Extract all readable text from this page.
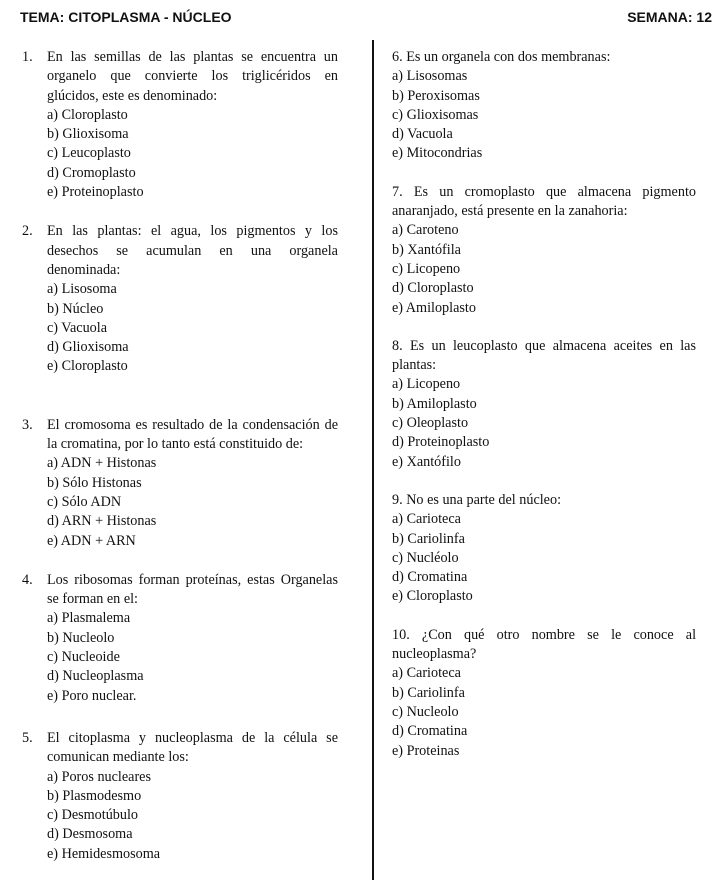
TEMA: CITOPLASMA - NÚCLEO	SEMANA: 12
1.	En las semillas de las plantas se encuentra un organelo que convierte los triglicéridos en glúcidos, este es denominado:
a) Cloroplasto
b) Glioxisoma
c) Leucoplasto
d) Cromoplasto
e) Proteinoplasto
2.	En las plantas: el agua, los pigmentos y los desechos se acumulan en una organela denominada:
a) Lisosoma
b) Núcleo
c) Vacuola
d) Glioxisoma
e) Cloroplasto
3.	El cromosoma es resultado de la condensación de la cromatina, por lo tanto está constituido de:
a) ADN + Histonas
b) Sólo Histonas
c) Sólo ADN
d) ARN + Histonas
e) ADN + ARN
4.	Los ribosomas forman proteínas, estas Organelas se forman en el:
a) Plasmalema
b) Nucleolo
c) Nucleoide
d) Nucleoplasma
e) Poro nuclear.
5.	El citoplasma y nucleoplasma de la célula se comunican mediante los:
a) Poros nucleares
b) Plasmodesmo
c) Desmotúbulo
d) Desmosoma
e) Hemidesmosoma
6. Es un organela con dos membranas:
a) Lisosomas
b) Peroxisomas
c) Glioxisomas
d) Vacuola
e) Mitocondrias
7. Es un cromoplasto que almacena pigmento anaranjado, está presente en la zanahoria:
a) Caroteno
b) Xantófila
c) Licopeno
d) Cloroplasto
e) Amiloplasto
8. Es un leucoplasto que almacena aceites en las plantas:
a) Licopeno
b) Amiloplasto
c) Oleoplasto
d) Proteinoplasto
e) Xantófilo
9. No es una parte del núcleo:
a) Carioteca
b) Cariolinfa
c) Nucléolo
d) Cromatina
e) Cloroplasto
10. ¿Con qué otro nombre se le conoce al nucleoplasma?
a) Carioteca
b) Cariolinfa
c) Nucleolo
d) Cromatina
e) Proteinas
